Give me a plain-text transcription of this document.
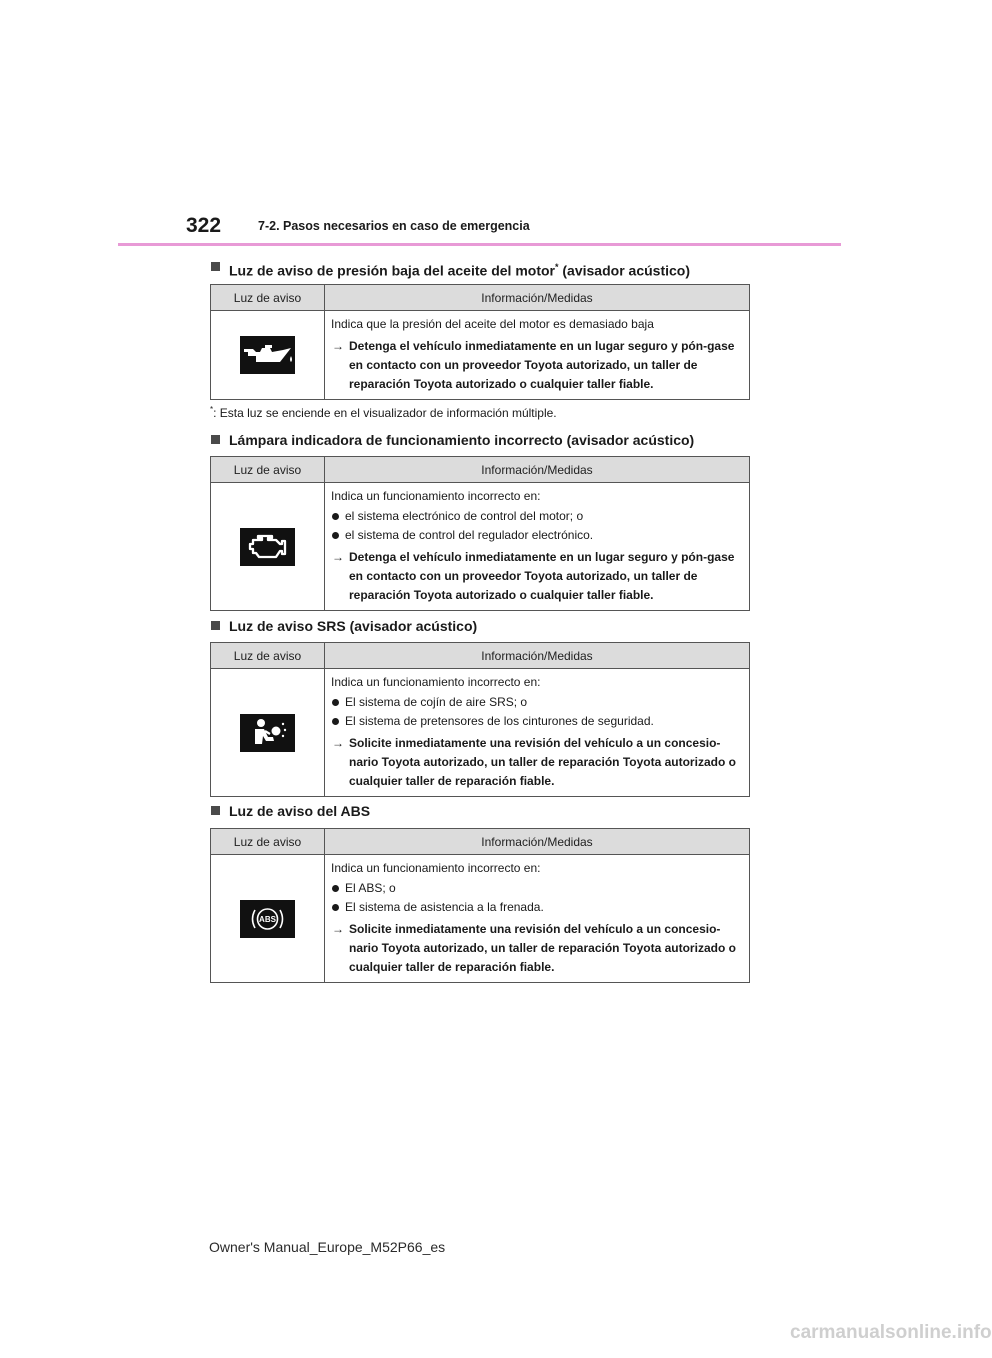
322	7-2. Pasos necesarios en caso de emergencia
Luz de aviso de presión baja del aceite del motor* (avisador acústico)
Luz de aviso	Información/Medidas

Indica que la presión del aceite del motor es demasiado baja
→ Detenga el vehículo inmediatamente en un lugar seguro y pón-gase en contacto con un proveedor Toyota autorizado, un taller de reparación Toyota autorizado o cualquier taller fiable.
*: Esta luz se enciende en el visualizador de información múltiple.
Lámpara indicadora de funcionamiento incorrecto (avisador acústico)
Luz de aviso	Información/Medidas

Indica un funcionamiento incorrecto en:
el sistema electrónico de control del motor; o
el sistema de control del regulador electrónico.
→ Detenga el vehículo inmediatamente en un lugar seguro y pón-gase en contacto con un proveedor Toyota autorizado, un taller de reparación Toyota autorizado o cualquier taller fiable.
Luz de aviso SRS (avisador acústico)
Luz de aviso	Información/Medidas

Indica un funcionamiento incorrecto en:
El sistema de cojín de aire SRS; o
El sistema de pretensores de los cinturones de seguridad.
→ Solicite inmediatamente una revisión del vehículo a un concesio-nario Toyota autorizado, un taller de reparación Toyota autorizado o cualquier taller de reparación fiable.
Luz de aviso del ABS
Luz de aviso	Información/Medidas

ABS	Indica un funcionamiento incorrecto en:
El ABS; o
El sistema de asistencia a la frenada.
→ Solicite inmediatamente una revisión del vehículo a un concesio-nario Toyota autorizado, un taller de reparación Toyota autorizado o cualquier taller de reparación fiable.
Owner's Manual_Europe_M52P66_es
carmanualsonline.info
